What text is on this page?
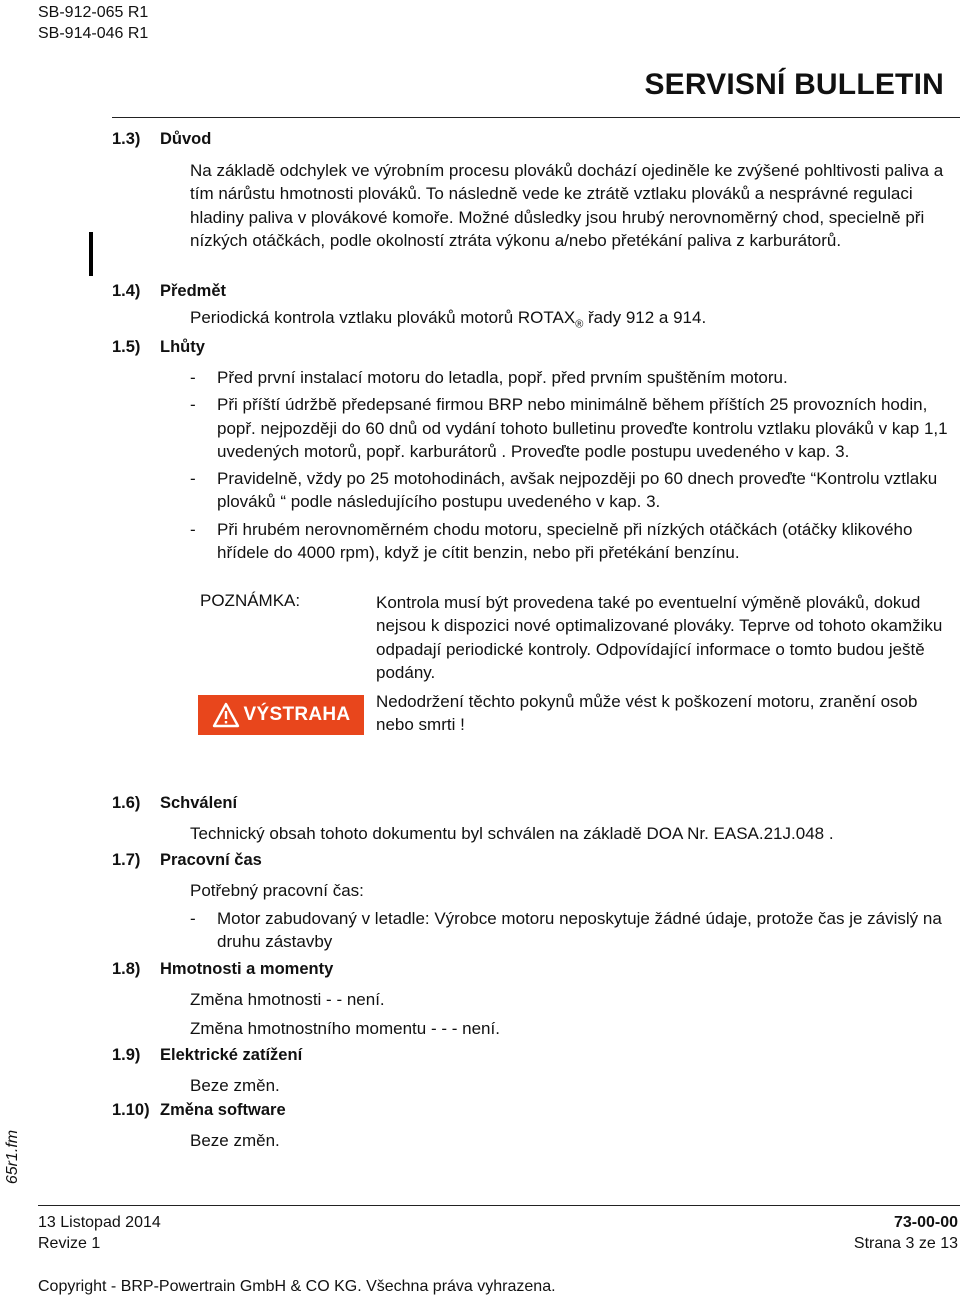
SB-912-065 R1
SB-914-046 R1
SERVISNÍ BULLETIN
1.3) Důvod
Na základě odchylek ve výrobním procesu plováků dochází ojediněle ke zvýšené pohltivosti paliva a tím nárůstu hmotnosti plováků. To následně vede ke ztrátě vztlaku plováků a nesprávné regulaci hladiny paliva v plovákové komoře. Možné důsledky jsou hrubý nerovnoměrný chod, specielně při nízkých otáčkách, podle okolností ztráta výkonu a/nebo přetékání paliva z karburátorů.
1.4) Předmět
Periodická kontrola vztlaku plováků motorů $ROTAX_®$ řady 912 a 914.
1.5) Lhůty
- Před první instalací motoru do letadla, popř. před prvním spuštěním motoru.
- Při příští údržbě předepsané firmou BRP nebo minimálně během příštích 25 provozních hodin, popř. nejpozději do 60 dnů od vydání tohoto bulletinu proveďte kontrolu vztlaku plováků v kap 1,1 uvedených motorů, popř. karburátorů . Proveďte podle postupu uvedeného v kap. 3.
- Pravidelně, vždy po 25 motohodinách, avšak nejpozději po 60 dnech proveďte “Kontrolu vztlaku plováků “ podle následujícího postupu uvedeného v kap. 3.
- Při hrubém nerovnoměrném chodu motoru, specielně při nízkých otáčkách (otáčky klikového hřídele do 4000 rpm), když je cítit benzin, nebo při přetékání benzínu.
POZNÁMKA:	Kontrola musí být provedena také po eventuelní výměně plováků, dokud nejsou k dispozici nové optimalizované plováky. Teprve od tohoto okamžiku odpadají periodické kontroly. Odpovídající informace o tomto budou ještě podány.
VÝSTRAHA
Nedodržení těchto pokynů může vést k poškození motoru, zranění osob nebo smrti !
1.6) Schválení
Technický obsah tohoto dokumentu byl schválen na základě DOA Nr. EASA.21J.048 .
1.7) Pracovní čas
Potřebný pracovní čas:
- Motor zabudovaný v letadle: Výrobce motoru neposkytuje žádné údaje, protože čas je závislý na druhu zástavby
1.8) Hmotnosti a momenty
Změna hmotnosti - - není.
Změna hmotnostního momentu - - - není.
1.9) Elektrické zatížení
Beze změn.
1.10) Změna software
Beze změn.
65r1.fm
13 Listopad 2014	73-00-00
Revize 1	Strana 3 ze 13
Copyright - BRP-Powertrain GmbH & CO KG. Všechna práva vyhrazena.
